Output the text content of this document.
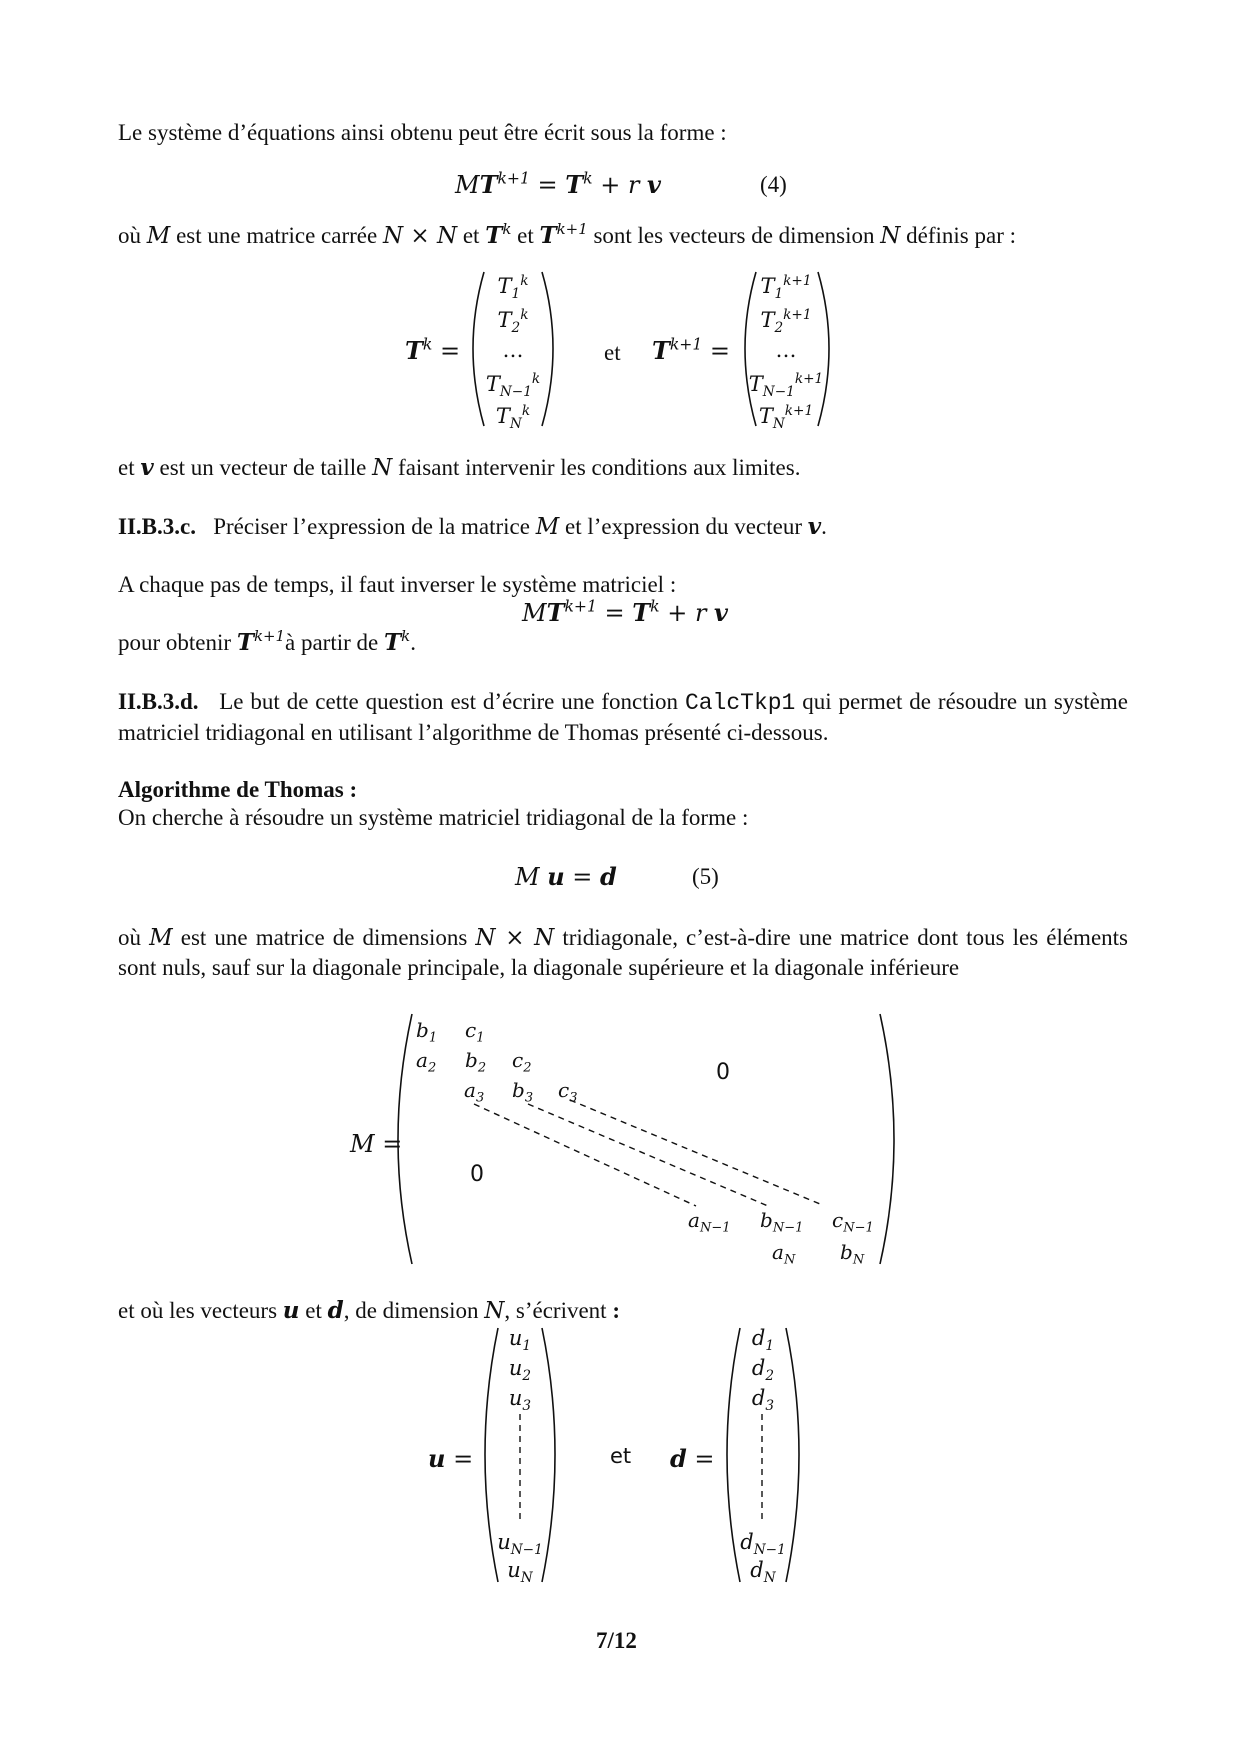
Le système d’équations ainsi obtenu peut être écrit sous la forme :
$MT^{k+1} = T^k + r$ v	(4)
où M est une matrice carrée N × N et $T^k$ et $T^{k+1}$ sont les vecteurs de dimension N définis par :
$T^k$ =
$T_1^k$
$T_2^k$
…
$T_{N-1}^k$
$T_N^k$
et $T^{k+1}$ =
$T_1^{k+1}$
$T_2^{k+1}$
…
$T_{N-1}^{k+1}$
$T_N^{k+1}$
et v est un vecteur de taille N faisant intervenir les conditions aux limites.
II.B.3.c. Préciser l’expression de la matrice M et l’expression du vecteur v.
A chaque pas de temps, il faut inverser le système matriciel :
$MT^{k+1} = T^k + r$ v
pour obtenir $T^{k+1}à$ partir de $T^k$.
II.B.3.d. Le but de cette question est d’écrire une fonction CalcTkp1 qui permet de résoudre un système matriciel tridiagonal en utilisant l’algorithme de Thomas présenté ci-dessous.
Algorithme de Thomas :
On cherche à résoudre un système matriciel tridiagonal de la forme :
M u = d	(5)
où M est une matrice de dimensions N × N tridiagonale, c’est-à-dire une matrice dont tous les éléments sont nuls, sauf sur la diagonale principale, la diagonale supérieure et la diagonale inférieure
M =
$b_1$ $c_1$
$a_2$ $b_2$ $c_2$
$a_3$ $b_3$ $c_3$
$a_{N-1}$ $b_{N-1}$ $c_{N-1}$
$a_N$ $b_N$
0
0
et où les vecteurs u et d, de dimension N, s’écrivent :
u =
$u_1$
$u_2$
$u_3$
$u_{N-1}$
$u_N$
et d =
$d_1$
$d_2$
$d_3$
$d_{N-1}$
$d_N$
7/12
